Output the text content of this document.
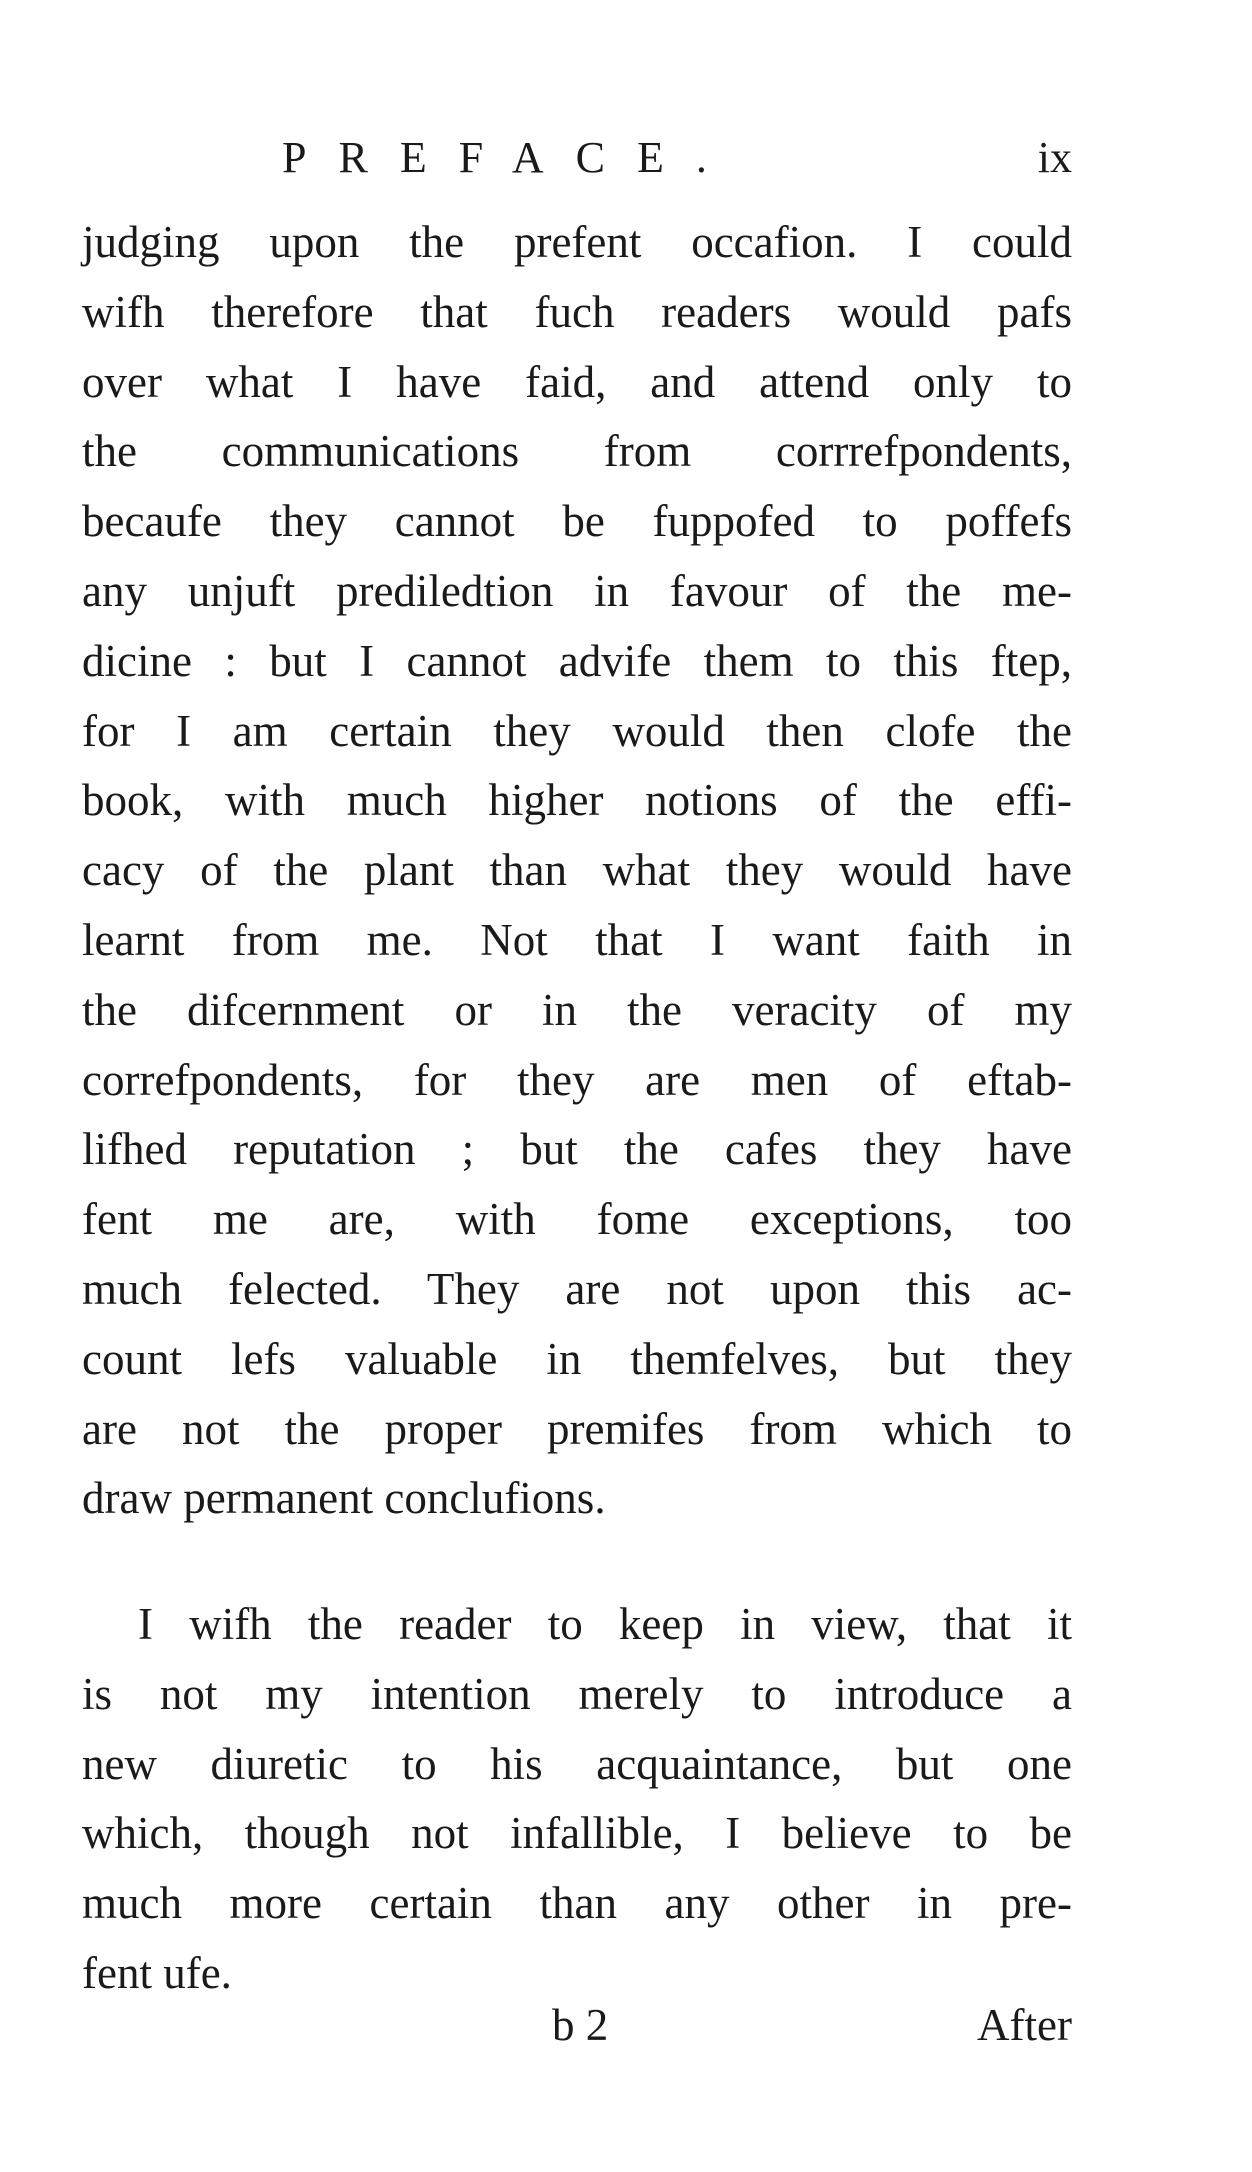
PREFACE.	ix
judging upon the prefent occafion. I could
wifh therefore that fuch readers would pafs
over what I have faid, and attend only to
the communications from corrrefpondents,
becaufe they cannot be fuppofed to poffefs
any unjuft prediledtion in favour of the me-
dicine : but I cannot advife them to this ftep,
for I am certain they would then clofe the
book, with much higher notions of the effi-
cacy of the plant than what they would have
learnt from me. Not that I want faith in
the difcernment or in the veracity of my
correfpondents, for they are men of eftab-
lifhed reputation ; but the cafes they have
fent me are, with fome exceptions, too
much felected. They are not upon this ac-
count lefs valuable in themfelves, but they
are not the proper premifes from which to
draw permanent conclufions.
I wifh the reader to keep in view, that it
is not my intention merely to introduce a
new diuretic to his acquaintance, but one
which, though not infallible, I believe to be
much more certain than any other in pre-
fent ufe.
b 2	After
